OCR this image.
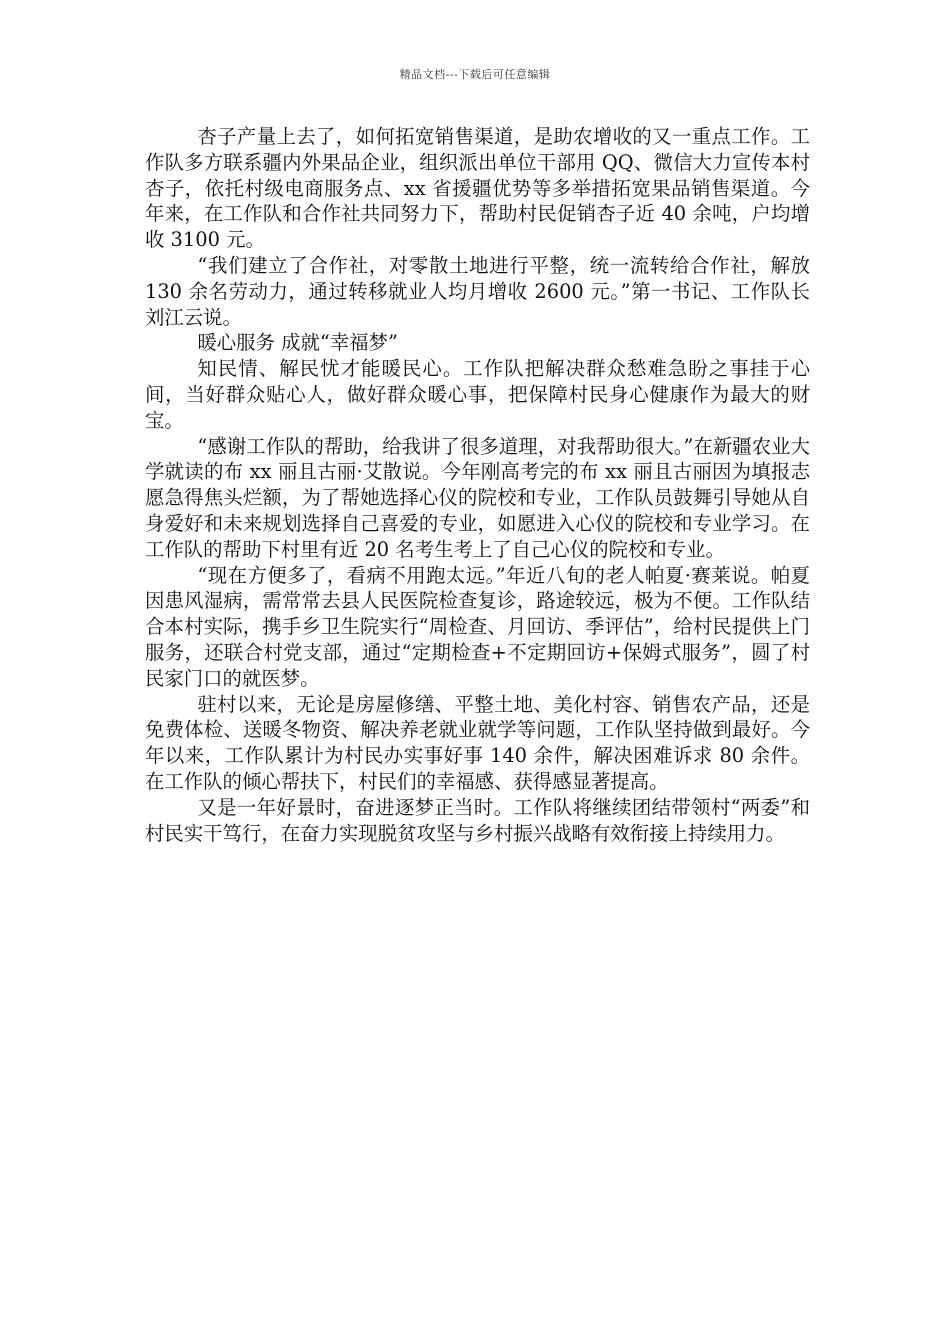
精品文档---下载后可任意编辑

杏子产量上去了，如何拓宽销售渠道，是助农增收的又一重点工作。工作队多方联系疆内外果品企业，组织派出单位干部用 QQ、微信大力宣传本村杏子，依托村级电商服务点、xx 省援疆优势等多举措拓宽果品销售渠道。今年来，在工作队和合作社共同努力下，帮助村民促销杏子近 40 余吨，户均增收 3100 元。

“我们建立了合作社，对零散土地进行平整，统一流转给合作社，解放 130 余名劳动力，通过转移就业人均月增收 2600 元。”第一书记、工作队长刘江云说。

暖心服务 成就“幸福梦”

知民情、解民忧才能暖民心。工作队把解决群众愁难急盼之事挂于心间，当好群众贴心人，做好群众暖心事，把保障村民身心健康作为最大的财宝。

“感谢工作队的帮助，给我讲了很多道理，对我帮助很大。”在新疆农业大学就读的布 xx 丽且古丽·艾散说。今年刚高考完的布 xx 丽且古丽因为填报志愿急得焦头烂额，为了帮她选择心仪的院校和专业，工作队员鼓舞引导她从自身爱好和未来规划选择自己喜爱的专业，如愿进入心仪的院校和专业学习。在工作队的帮助下村里有近 20 名考生考上了自己心仪的院校和专业。

“现在方便多了，看病不用跑太远。”年近八旬的老人帕夏·赛莱说。帕夏因患风湿病，需常常去县人民医院检查复诊，路途较远，极为不便。工作队结合本村实际，携手乡卫生院实行“周检查、月回访、季评估”，给村民提供上门服务，还联合村党支部，通过“定期检查+不定期回访+保姆式服务”，圆了村民家门口的就医梦。

驻村以来，无论是房屋修缮、平整土地、美化村容、销售农产品，还是免费体检、送暖冬物资、解决养老就业就学等问题，工作队坚持做到最好。今年以来，工作队累计为村民办实事好事 140 余件，解决困难诉求 80 余件。在工作队的倾心帮扶下，村民们的幸福感、获得感显著提高。

又是一年好景时，奋进逐梦正当时。工作队将继续团结带领村“两委”和村民实干笃行，在奋力实现脱贫攻坚与乡村振兴战略有效衔接上持续用力。
